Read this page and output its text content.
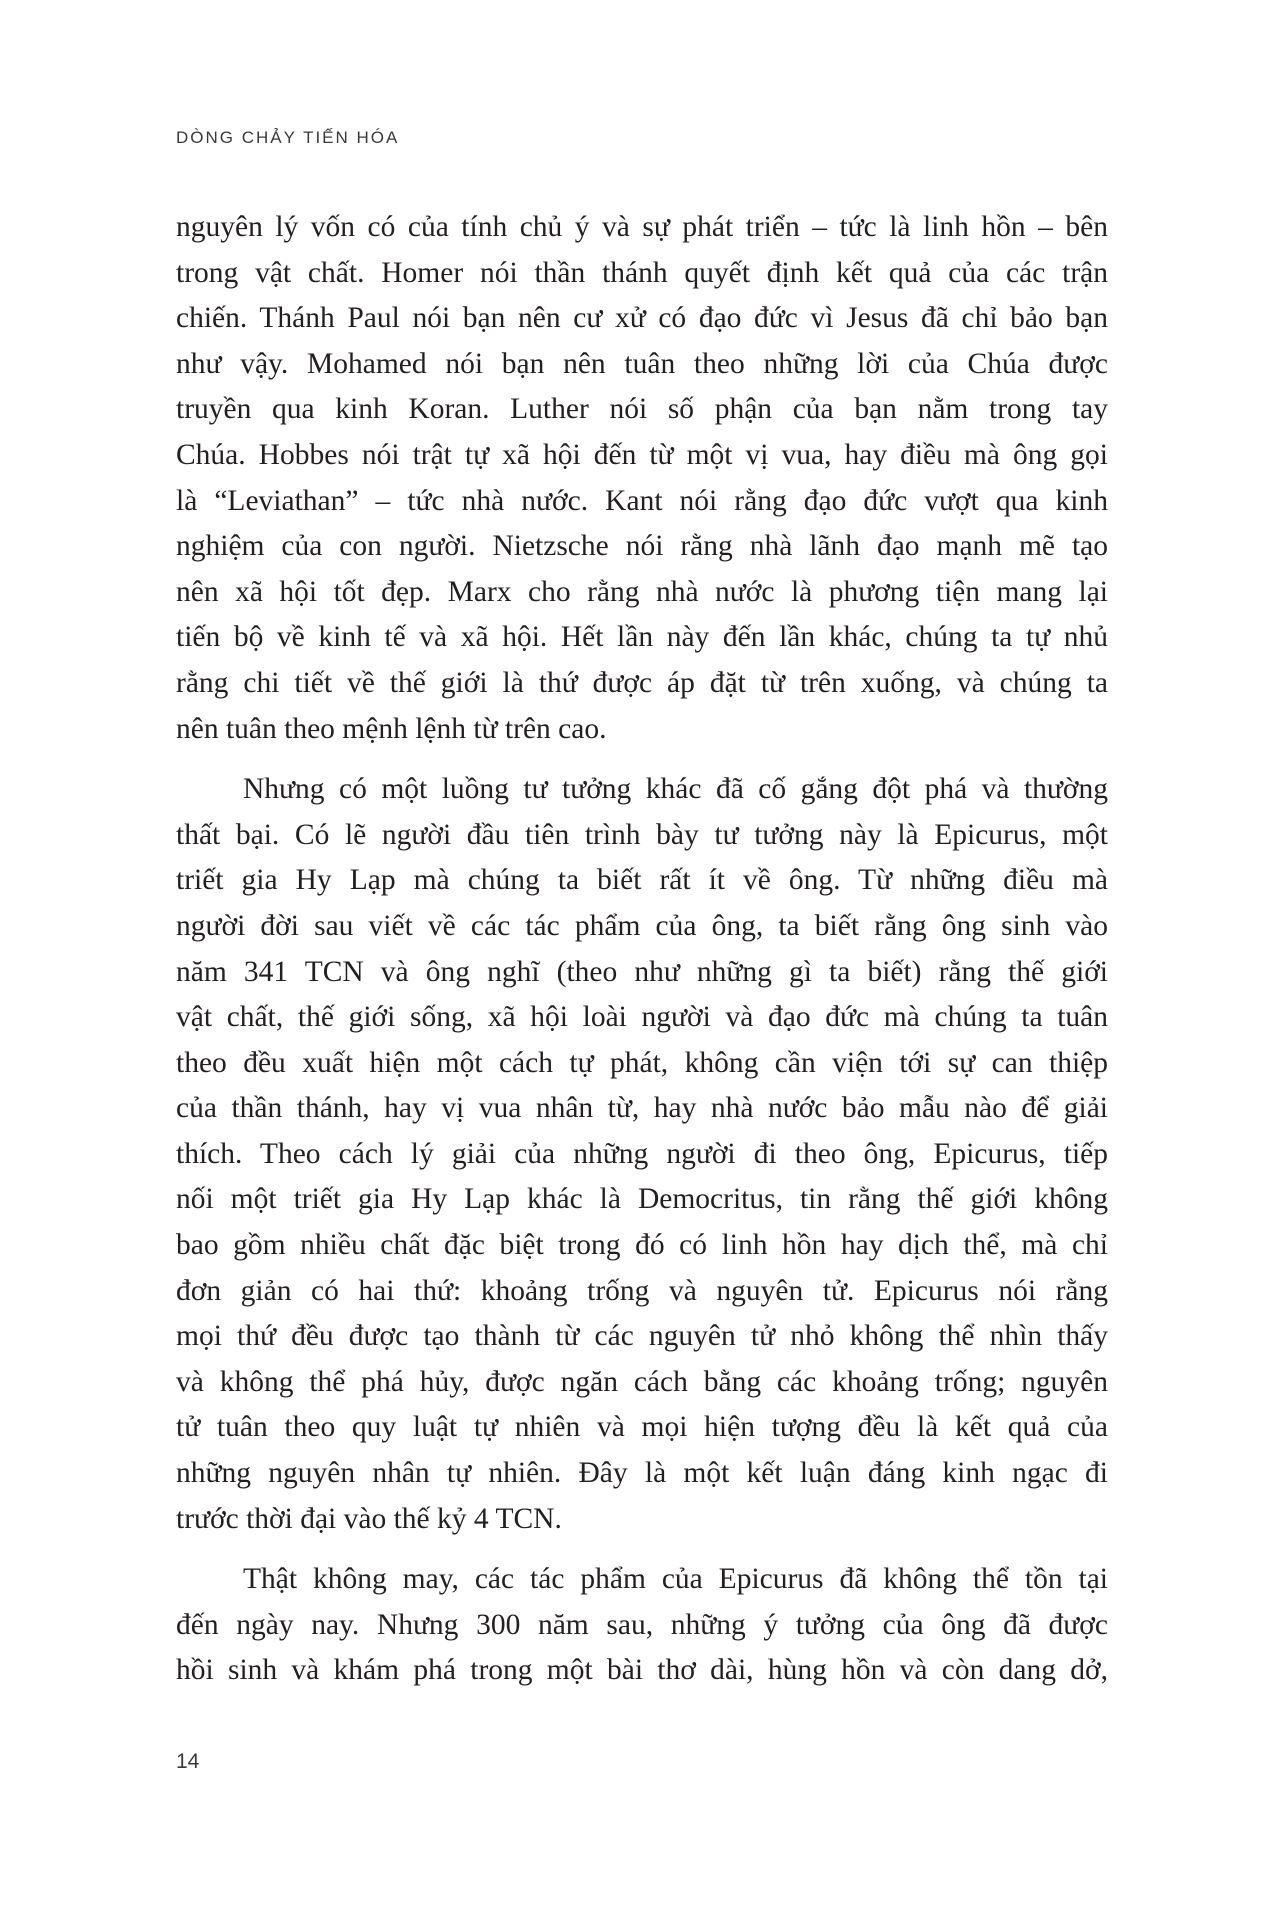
DÒNG CHẢY TIẾN HÓA
nguyên lý vốn có của tính chủ ý và sự phát triển – tức là linh hồn – bên
trong vật chất. Homer nói thần thánh quyết định kết quả của các trận
chiến. Thánh Paul nói bạn nên cư xử có đạo đức vì Jesus đã chỉ bảo bạn
như vậy. Mohamed nói bạn nên tuân theo những lời của Chúa được
truyền qua kinh Koran. Luther nói số phận của bạn nằm trong tay
Chúa. Hobbes nói trật tự xã hội đến từ một vị vua, hay điều mà ông gọi
là “Leviathan” – tức nhà nước. Kant nói rằng đạo đức vượt qua kinh
nghiệm của con người. Nietzsche nói rằng nhà lãnh đạo mạnh mẽ tạo
nên xã hội tốt đẹp. Marx cho rằng nhà nước là phương tiện mang lại
tiến bộ về kinh tế và xã hội. Hết lần này đến lần khác, chúng ta tự nhủ
rằng chi tiết về thế giới là thứ được áp đặt từ trên xuống, và chúng ta
nên tuân theo mệnh lệnh từ trên cao.
Nhưng có một luồng tư tưởng khác đã cố gắng đột phá và thường
thất bại. Có lẽ người đầu tiên trình bày tư tưởng này là Epicurus, một
triết gia Hy Lạp mà chúng ta biết rất ít về ông. Từ những điều mà
người đời sau viết về các tác phẩm của ông, ta biết rằng ông sinh vào
năm 341 TCN và ông nghĩ (theo như những gì ta biết) rằng thế giới
vật chất, thế giới sống, xã hội loài người và đạo đức mà chúng ta tuân
theo đều xuất hiện một cách tự phát, không cần viện tới sự can thiệp
của thần thánh, hay vị vua nhân từ, hay nhà nước bảo mẫu nào để giải
thích. Theo cách lý giải của những người đi theo ông, Epicurus, tiếp
nối một triết gia Hy Lạp khác là Democritus, tin rằng thế giới không
bao gồm nhiều chất đặc biệt trong đó có linh hồn hay dịch thể, mà chỉ
đơn giản có hai thứ: khoảng trống và nguyên tử. Epicurus nói rằng
mọi thứ đều được tạo thành từ các nguyên tử nhỏ không thể nhìn thấy
và không thể phá hủy, được ngăn cách bằng các khoảng trống; nguyên
tử tuân theo quy luật tự nhiên và mọi hiện tượng đều là kết quả của
những nguyên nhân tự nhiên. Đây là một kết luận đáng kinh ngạc đi
trước thời đại vào thế kỷ 4 TCN.
Thật không may, các tác phẩm của Epicurus đã không thể tồn tại
đến ngày nay. Nhưng 300 năm sau, những ý tưởng của ông đã được
hồi sinh và khám phá trong một bài thơ dài, hùng hồn và còn dang dở,
14
